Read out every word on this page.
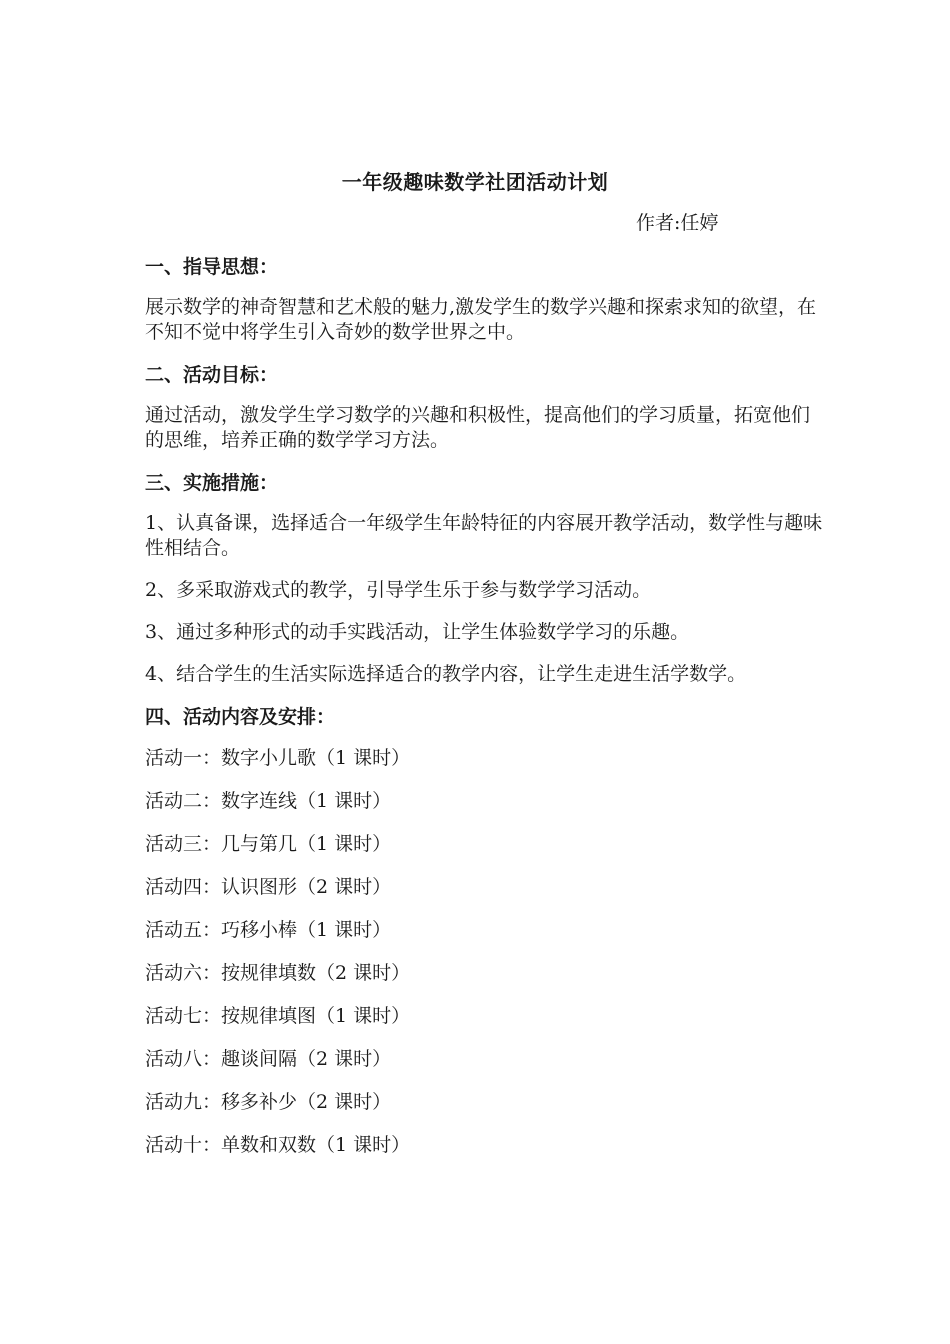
一年级趣味数学社团活动计划

作者:任婷

一、指导思想：

展示数学的神奇智慧和艺术般的魅力,激发学生的数学兴趣和探索求知的欲望，在不知不觉中将学生引入奇妙的数学世界之中。

二、活动目标：

通过活动，激发学生学习数学的兴趣和积极性，提高他们的学习质量，拓宽他们的思维，培养正确的数学学习方法。

三、实施措施：

1、认真备课，选择适合一年级学生年龄特征的内容展开教学活动，数学性与趣味性相结合。

2、多采取游戏式的教学，引导学生乐于参与数学学习活动。

3、通过多种形式的动手实践活动，让学生体验数学学习的乐趣。

4、结合学生的生活实际选择适合的教学内容，让学生走进生活学数学。

四、活动内容及安排：
活动一：数字小儿歌（1 课时）
活动二：数字连线（1 课时）
活动三：几与第几（1 课时）
活动四：认识图形（2 课时）
活动五：巧移小棒（1 课时）
活动六：按规律填数（2 课时）
活动七：按规律填图（1 课时）
活动八：趣谈间隔（2 课时）
活动九：移多补少（2 课时）
活动十：单数和双数（1 课时）
